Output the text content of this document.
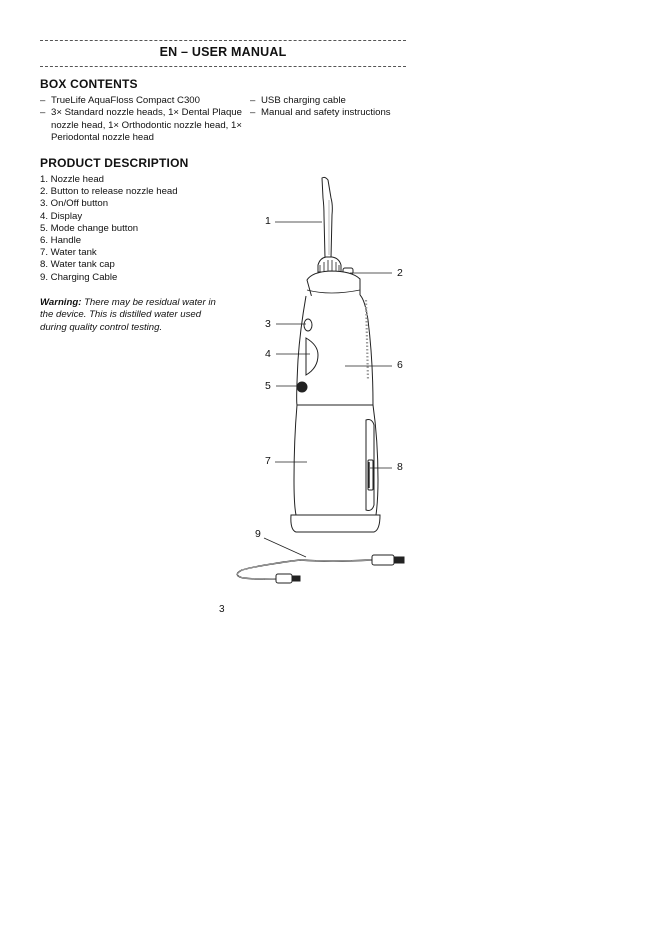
EN – USER MANUAL
BOX CONTENTS
– TrueLife AquaFloss Compact C300
– 3× Standard nozzle heads, 1× Dental Plaque nozzle head, 1× Orthodontic nozzle head, 1× Periodontal nozzle head
– USB charging cable
– Manual and safety instructions
PRODUCT DESCRIPTION
1. Nozzle head
2. Button to release nozzle head
3. On/Off button
4. Display
5. Mode change button
6. Handle
7. Water tank
8. Water tank cap
9. Charging Cable
Warning: There may be residual water in the device. This is distilled water used during quality control testing.
1
2
3
4
5
6
7	8
9
3
